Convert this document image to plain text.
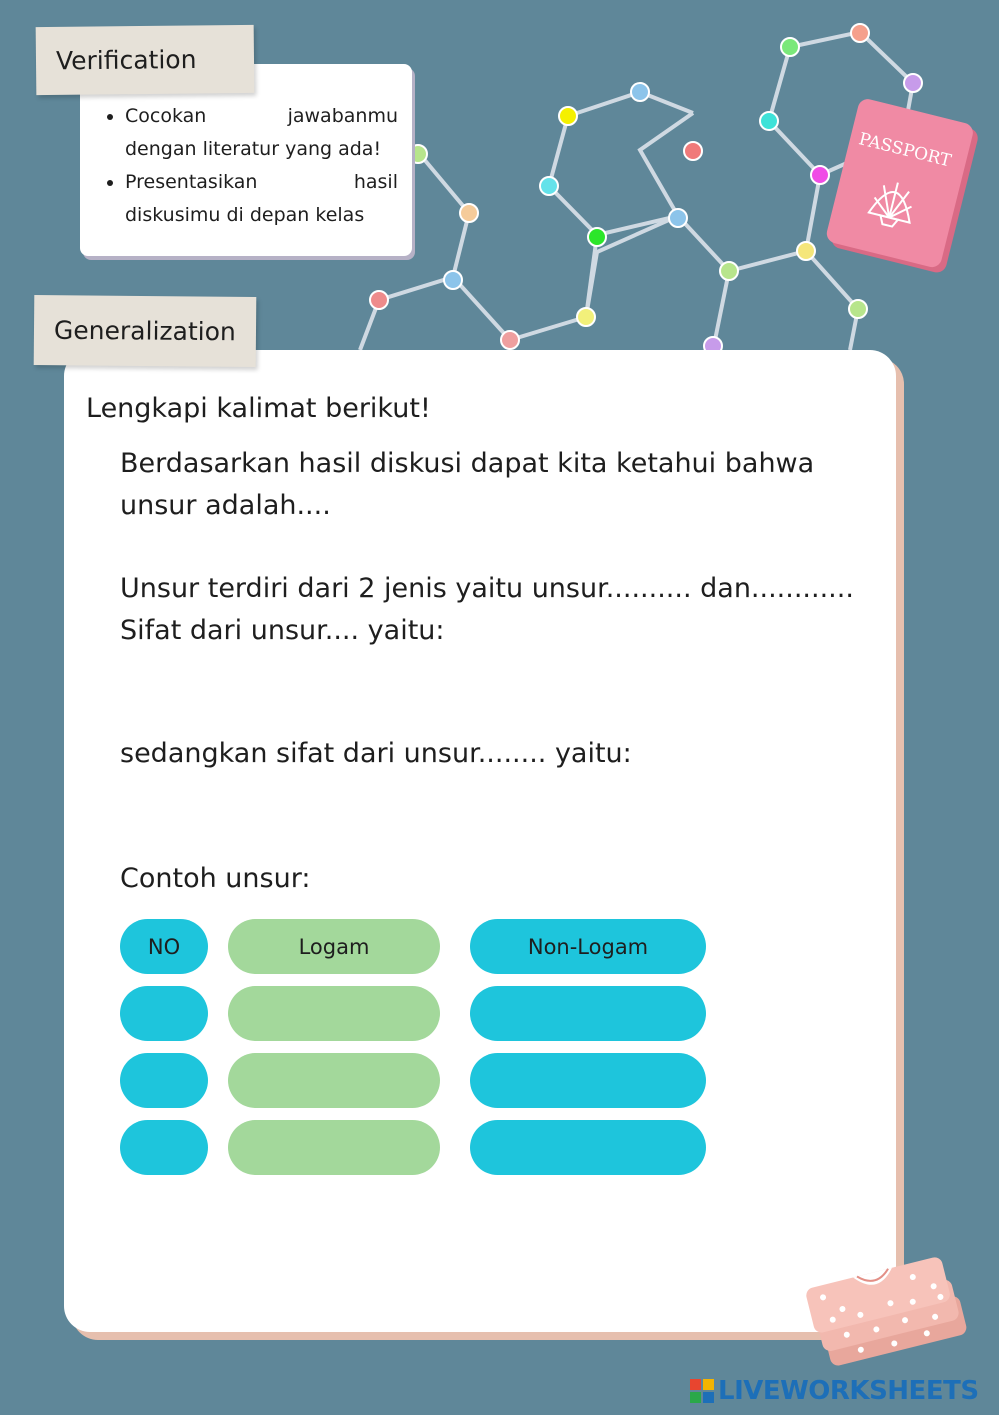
Verification
• Cocokan jawabanmu dengan literatur yang ada!
• Presentasikan hasil diskusimu di depan kelas
PASSPORT
Generalization
Lengkapi kalimat berikut!
Berdasarkan hasil diskusi dapat kita ketahui bahwa
unsur adalah....
Unsur terdiri dari 2 jenis yaitu unsur.......... dan............
Sifat dari unsur.... yaitu:
sedangkan sifat dari unsur........ yaitu:
Contoh unsur:
NO	Logam	Non-Logam
LIVEWORKSHEETS
